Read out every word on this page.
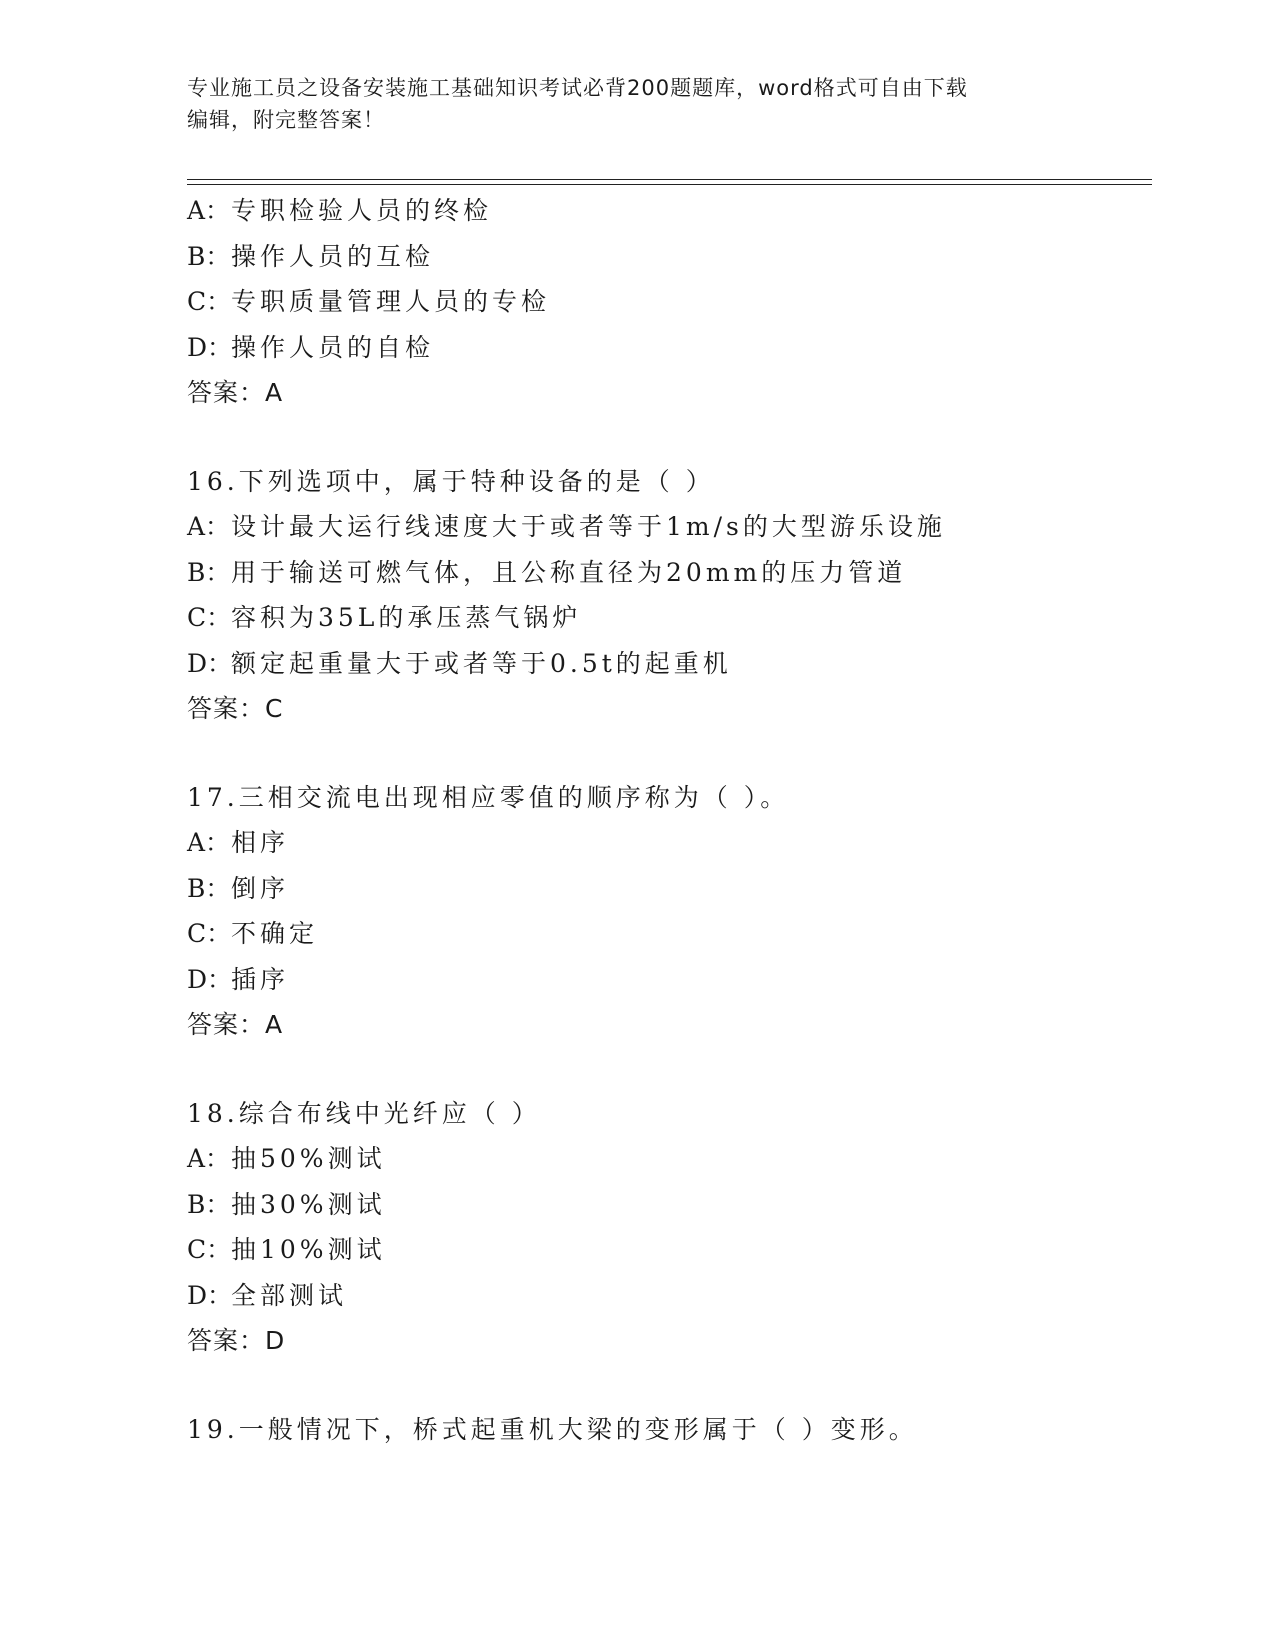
专业施工员之设备安装施工基础知识考试必背200题题库，word格式可自由下载
编辑，附完整答案！
A：专职检验人员的终检
B：操作人员的互检
C：专职质量管理人员的专检
D：操作人员的自检
答案：A
16.下列选项中，属于特种设备的是（ ）
A：设计最大运行线速度大于或者等于1m/s的大型游乐设施
B：用于输送可燃气体，且公称直径为20mm的压力管道
C：容积为35L的承压蒸气锅炉
D：额定起重量大于或者等于0.5t的起重机
答案：C
17.三相交流电出现相应零值的顺序称为（ ）。
A：相序
B：倒序
C：不确定
D：插序
答案：A
18.综合布线中光纤应（ ）
A：抽50%测试
B：抽30%测试
C：抽10%测试
D：全部测试
答案：D
19.一般情况下，桥式起重机大梁的变形属于（ ）变形。
